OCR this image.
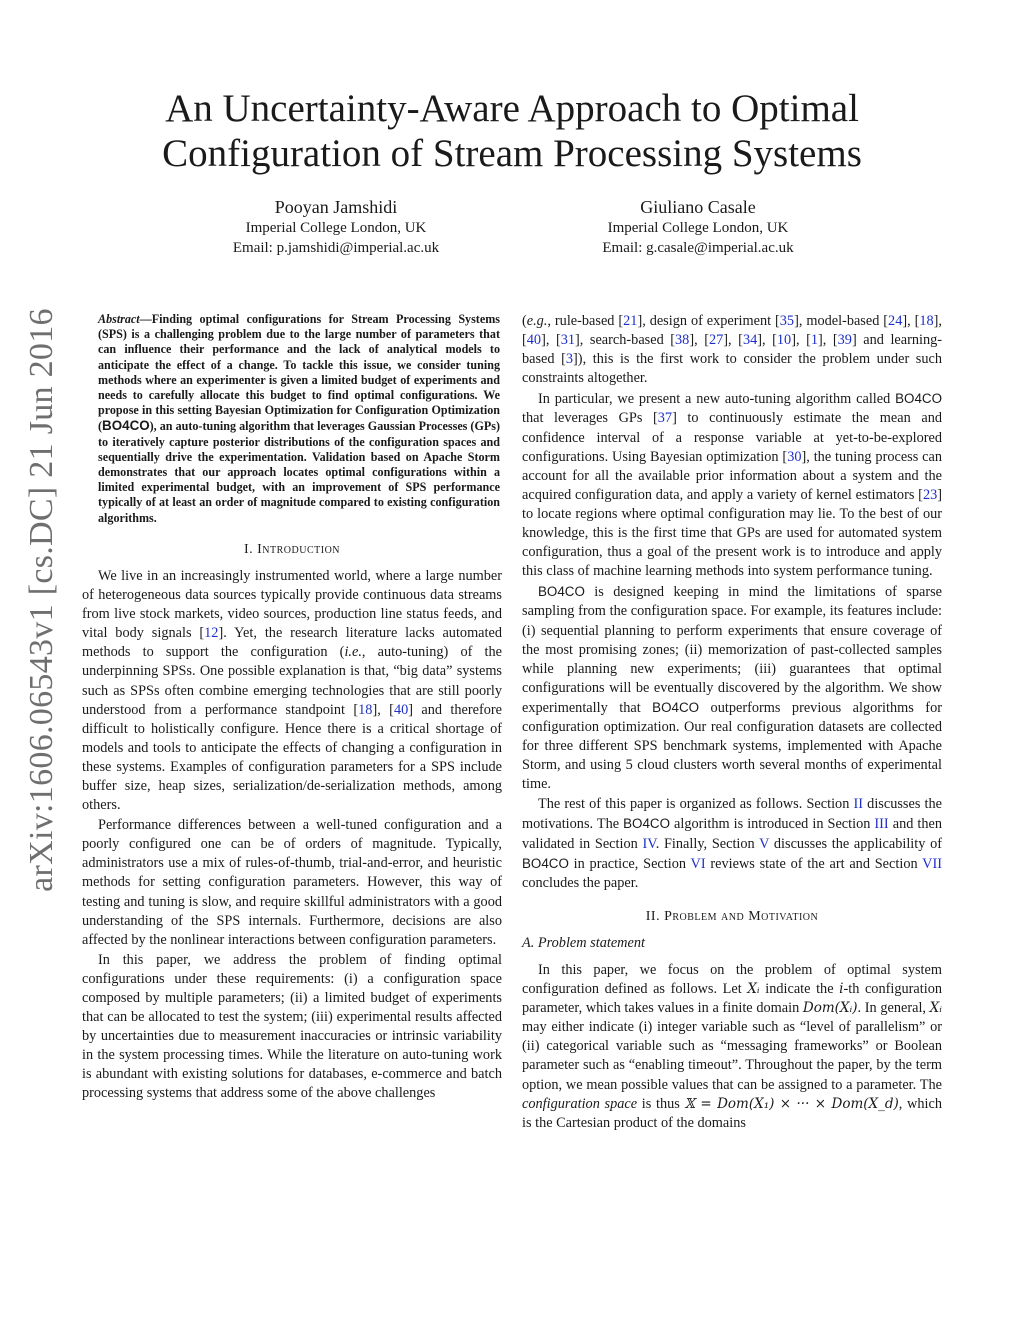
arXiv:1606.06543v1 [cs.DC] 21 Jun 2016
An Uncertainty-Aware Approach to Optimal
Configuration of Stream Processing Systems
Pooyan Jamshidi
Imperial College London, UK
Email: p.jamshidi@imperial.ac.uk
Giuliano Casale
Imperial College London, UK
Email: g.casale@imperial.ac.uk
Abstract—Finding optimal configurations for Stream Processing Systems (SPS) is a challenging problem due to the large number of parameters that can influence their performance and the lack of analytical models to anticipate the effect of a change. To tackle this issue, we consider tuning methods where an experimenter is given a limited budget of experiments and needs to carefully allocate this budget to find optimal configurations. We propose in this setting Bayesian Optimization for Configuration Optimization (BO4CO), an auto-tuning algorithm that leverages Gaussian Processes (GPs) to iteratively capture posterior distributions of the configuration spaces and sequentially drive the experimentation. Validation based on Apache Storm demonstrates that our approach locates optimal configurations within a limited experimental budget, with an improvement of SPS performance typically of at least an order of magnitude compared to existing configuration algorithms.
I. Introduction

We live in an increasingly instrumented world, where a large number of heterogeneous data sources typically provide continuous data streams from live stock markets, video sources, production line status feeds, and vital body signals [12]. Yet, the research literature lacks automated methods to support the configuration (i.e., auto-tuning) of the underpinning SPSs. One possible explanation is that, “big data” systems such as SPSs often combine emerging technologies that are still poorly understood from a performance standpoint [18], [40] and therefore difficult to holistically configure. Hence there is a critical shortage of models and tools to anticipate the effects of changing a configuration in these systems. Examples of configuration parameters for a SPS include buffer size, heap sizes, serialization/de-serialization methods, among others.

Performance differences between a well-tuned configuration and a poorly configured one can be of orders of magnitude. Typically, administrators use a mix of rules-of-thumb, trial-and-error, and heuristic methods for setting configuration parameters. However, this way of testing and tuning is slow, and require skillful administrators with a good understanding of the SPS internals. Furthermore, decisions are also affected by the nonlinear interactions between configuration parameters.

In this paper, we address the problem of finding optimal configurations under these requirements: (i) a configuration space composed by multiple parameters; (ii) a limited budget of experiments that can be allocated to test the system; (iii) experimental results affected by uncertainties due to measurement inaccuracies or intrinsic variability in the system processing times. While the literature on auto-tuning work is abundant with existing solutions for databases, e-commerce and batch processing systems that address some of the above challenges

(e.g., rule-based [21], design of experiment [35], model-based [24], [18], [40], [31], search-based [38], [27], [34], [10], [1], [39] and learning-based [3]), this is the first work to consider the problem under such constraints altogether.

In particular, we present a new auto-tuning algorithm called BO4CO that leverages GPs [37] to continuously estimate the mean and confidence interval of a response variable at yet-to-be-explored configurations. Using Bayesian optimization [30], the tuning process can account for all the available prior information about a system and the acquired configuration data, and apply a variety of kernel estimators [23] to locate regions where optimal configuration may lie. To the best of our knowledge, this is the first time that GPs are used for automated system configuration, thus a goal of the present work is to introduce and apply this class of machine learning methods into system performance tuning.

BO4CO is designed keeping in mind the limitations of sparse sampling from the configuration space. For example, its features include: (i) sequential planning to perform experiments that ensure coverage of the most promising zones; (ii) memorization of past-collected samples while planning new experiments; (iii) guarantees that optimal configurations will be eventually discovered by the algorithm. We show experimentally that BO4CO outperforms previous algorithms for configuration optimization. Our real configuration datasets are collected for three different SPS benchmark systems, implemented with Apache Storm, and using 5 cloud clusters worth several months of experimental time.

The rest of this paper is organized as follows. Section II discusses the motivations. The BO4CO algorithm is introduced in Section III and then validated in Section IV. Finally, Section V discusses the applicability of BO4CO in practice, Section VI reviews state of the art and Section VII concludes the paper.

II. Problem and Motivation
A. Problem statement

In this paper, we focus on the problem of optimal system configuration defined as follows. Let Xᵢ indicate the i-th configuration parameter, which takes values in a finite domain Dom(Xᵢ). In general, Xᵢ may either indicate (i) integer variable such as “level of parallelism” or (ii) categorical variable such as “messaging frameworks” or Boolean parameter such as “enabling timeout”. Throughout the paper, by the term option, we mean possible values that can be assigned to a parameter. The configuration space is thus 𝕏 = Dom(X₁) × ··· × Dom(X_d), which is the Cartesian product of the domains
